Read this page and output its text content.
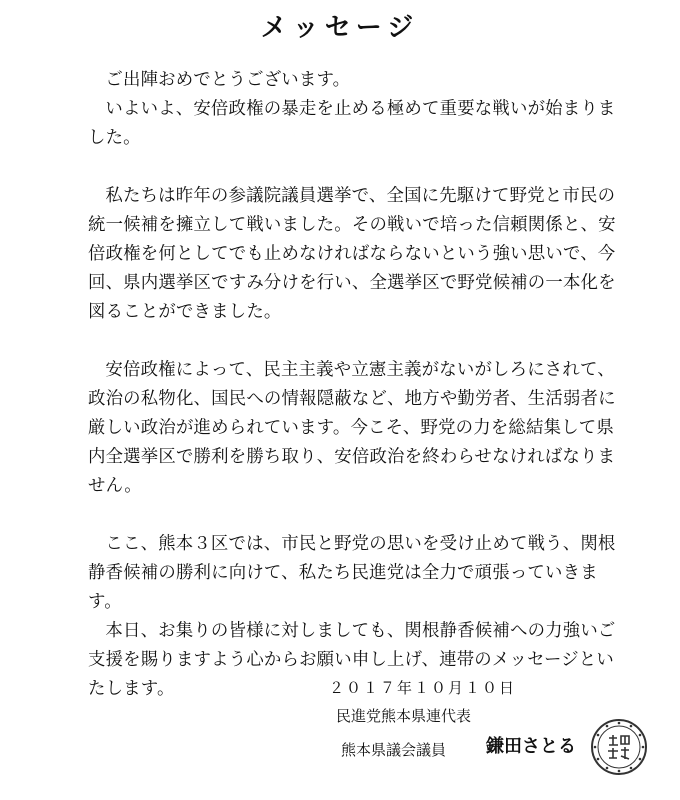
メッセージ

ご出陣おめでとうございます。

いよいよ、安倍政権の暴走を止める極めて重要な戦いが始まりました。

私たちは昨年の参議院議員選挙で、全国に先駆けて野党と市民の統一候補を擁立して戦いました。その戦いで培った信頼関係と、安倍政権を何としてでも止めなければならないという強い思いで、今回、県内選挙区ですみ分けを行い、全選挙区で野党候補の一本化を図ることができました。

安倍政権によって、民主主義や立憲主義がないがしろにされて、政治の私物化、国民への情報隠蔽など、地方や勤労者、生活弱者に厳しい政治が進められています。今こそ、野党の力を総結集して県内全選挙区で勝利を勝ち取り、安倍政治を終わらせなければなりません。

ここ、熊本３区では、市民と野党の思いを受け止めて戦う、関根静香候補の勝利に向けて、私たち民進党は全力で頑張っていきます。

本日、お集りの皆様に対しましても、関根静香候補への力強いご支援を賜りますよう心からお願い申し上げ、連帯のメッセージといたします。	２０１７年１０月１０日
民進党熊本県連代表
熊本県議会議員 鎌田さとる
